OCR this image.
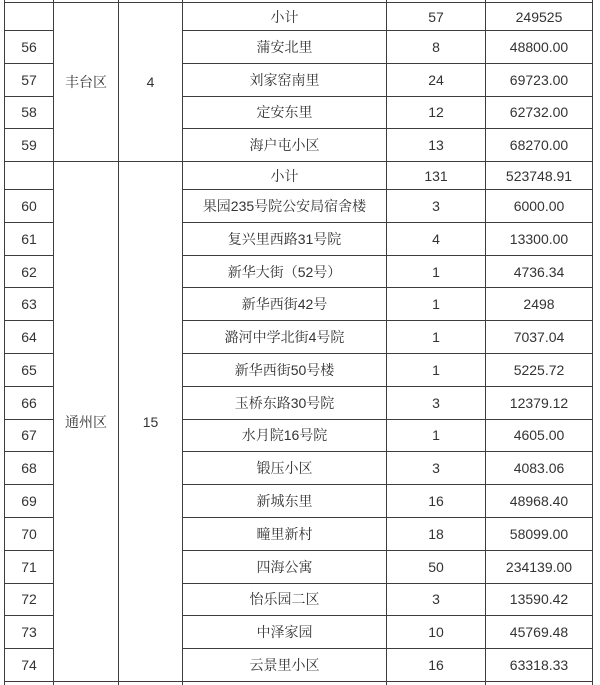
	丰台区	4	小计	57	249525
56			蒲安北里	8	48800.00
57			刘家窑南里	24	69723.00
58			定安东里	12	62732.00
59			海户屯小区	13	68270.00
	通州区	15	小计	131	523748.91
60			果园235号院公安局宿舍楼	3	6000.00
61			复兴里西路31号院	4	13300.00
62			新华大街（52号）	1	4736.34
63			新华西街42号	1	2498
64			潞河中学北街4号院	1	7037.04
65			新华西街50号楼	1	5225.72
66			玉桥东路30号院	3	12379.12
67			水月院16号院	1	4605.00
68			锻压小区	3	4083.06
69			新城东里	16	48968.40
70			疃里新村	18	58099.00
71			四海公寓	50	234139.00
72			怡乐园二区	3	13590.42
73			中泽家园	10	45769.48
74			云景里小区	16	63318.33
